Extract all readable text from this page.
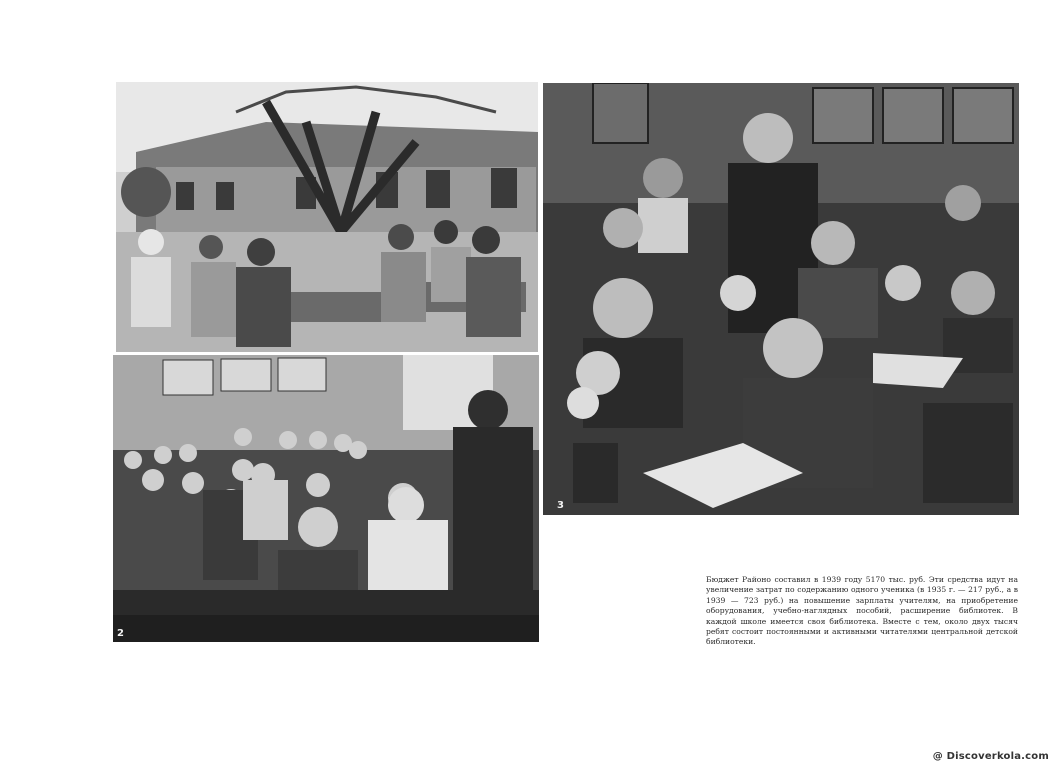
2
3
Бюджет Районо составил в 1939 году 5170 тыс. руб. Эти средства идут на увеличение затрат по содержанию одного ученика (в 1935 г. — 217 руб., а в 1939 — 723 руб.) на повышение зарплаты учителям, на приобретение оборудования, учебно-наглядных пособий, расширение библиотек. В каждой школе имеется своя библиотека. Вместе с тем, около двух тысяч ребят состоит постоянными и активными читателями центральной детской библиотеки.
@ Discoverkola.com
